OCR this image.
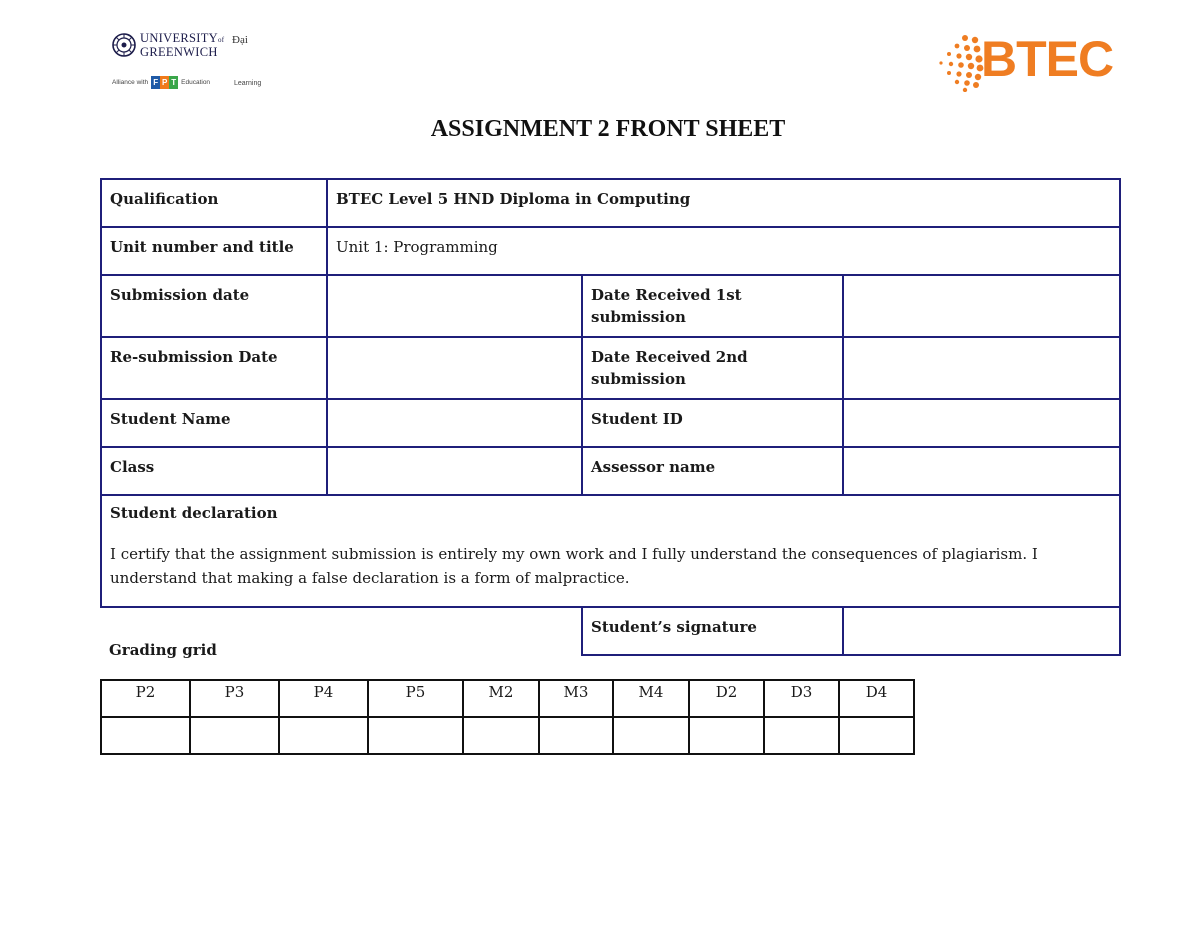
UNIVERSITYof
GREENWICH
Đại
Alliance with F P T Education	Learning	BTEC
ASSIGNMENT 2 FRONT SHEET
Qualification	BTEC Level 5 HND Diploma in Computing		
Unit number and title	Unit 1: Programming		
Submission date		Date Received 1st submission	
Re-submission Date		Date Received 2nd submission	
Student Name		Student ID	
Class		Assessor name	

Student declaration
I certify that the assignment submission is entirely my own work and I fully understand the consequences of plagiarism. I understand that making a false declaration is a form of malpractice.			

		Student’s signature	
Grading grid
P2	P3	P4	P5	M2	M3	M4	D2	D3	D4
